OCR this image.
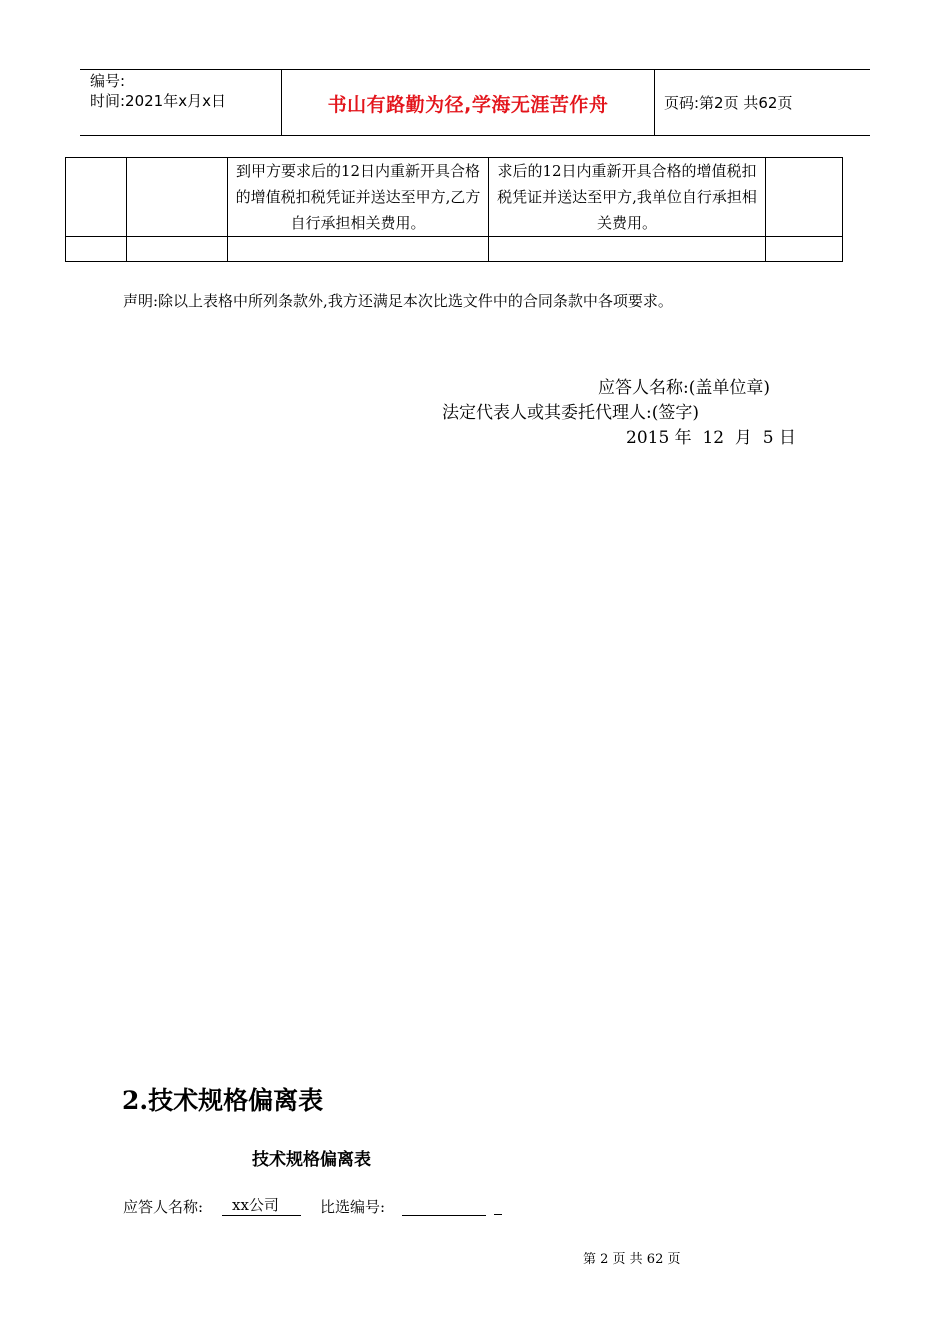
编号:
时间:2021年x月x日	书山有路勤为径,学海无涯苦作舟	页码:第2页 共62页
		到甲方要求后的12日内重新开具合格的增值税扣税凭证并送达至甲方,乙方自行承担相关费用。	求后的12日内重新开具合格的增值税扣税凭证并送达至甲方,我单位自行承担相关费用。	

声明:除以上表格中所列条款外,我方还满足本次比选文件中的合同条款中各项要求。
应答人名称:(盖单位章)
法定代表人或其委托代理人:(签字)
2015 年  12  月  5 日
2.技术规格偏离表
技术规格偏离表
应答人名称:	xx公司	比选编号:
第 2 页 共 62 页
